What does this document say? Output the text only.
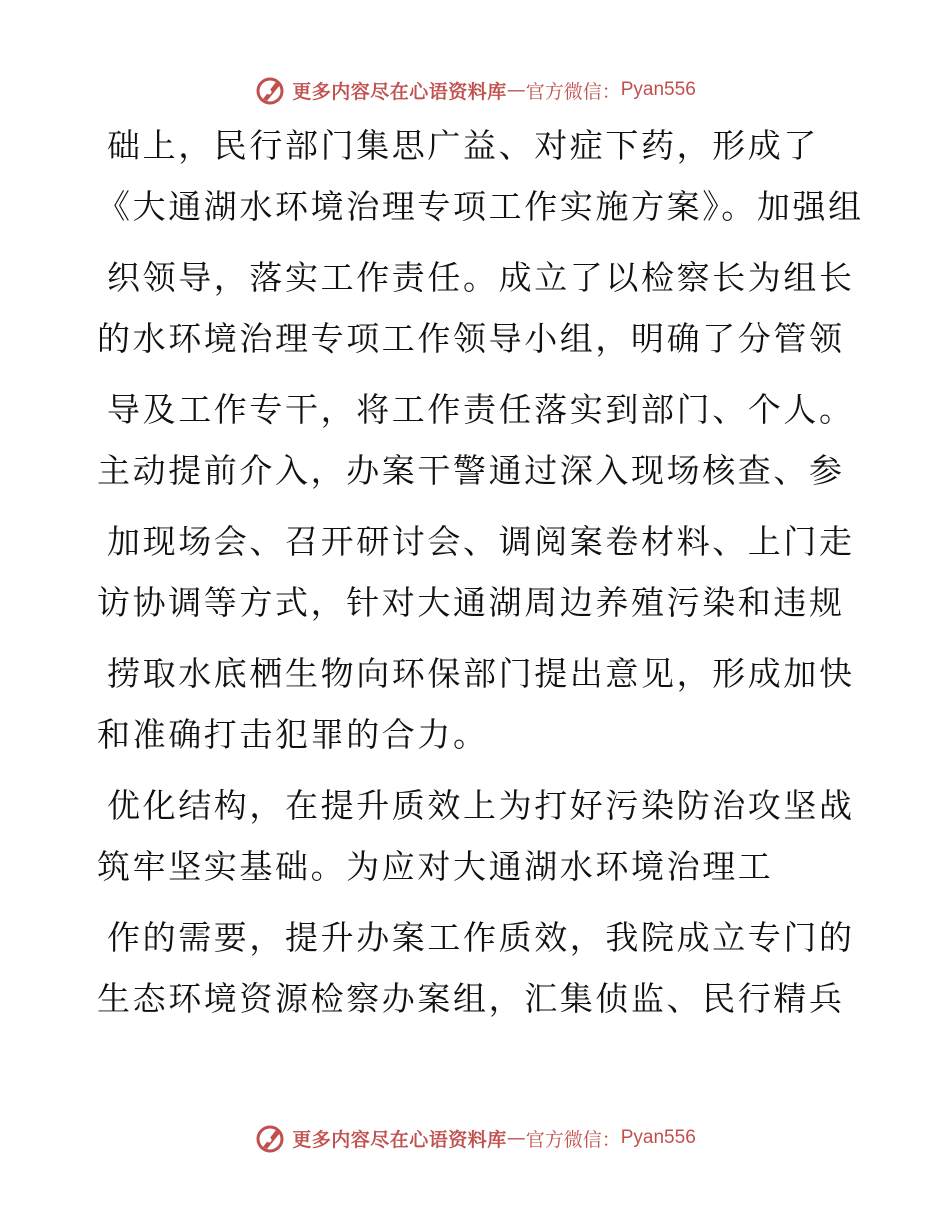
更多内容尽在心语资料库 — 官方微信： Pyan556
础上，民行部门集思广益、对症下药，形成了
《大通湖水环境治理专项工作实施方案》。加强组
织领导，落实工作责任。成立了以检察长为组长
的水环境治理专项工作领导小组，明确了分管领
导及工作专干，将工作责任落实到部门、个人。
主动提前介入，办案干警通过深入现场核查、参
加现场会、召开研讨会、调阅案卷材料、上门走
访协调等方式，针对大通湖周边养殖污染和违规
捞取水底栖生物向环保部门提出意见，形成加快
和准确打击犯罪的合力。
优化结构，在提升质效上为打好污染防治攻坚战
筑牢坚实基础。为应对大通湖水环境治理工
作的需要，提升办案工作质效，我院成立专门的
生态环境资源检察办案组，汇集侦监、民行精兵
更多内容尽在心语资料库 — 官方微信： Pyan556
